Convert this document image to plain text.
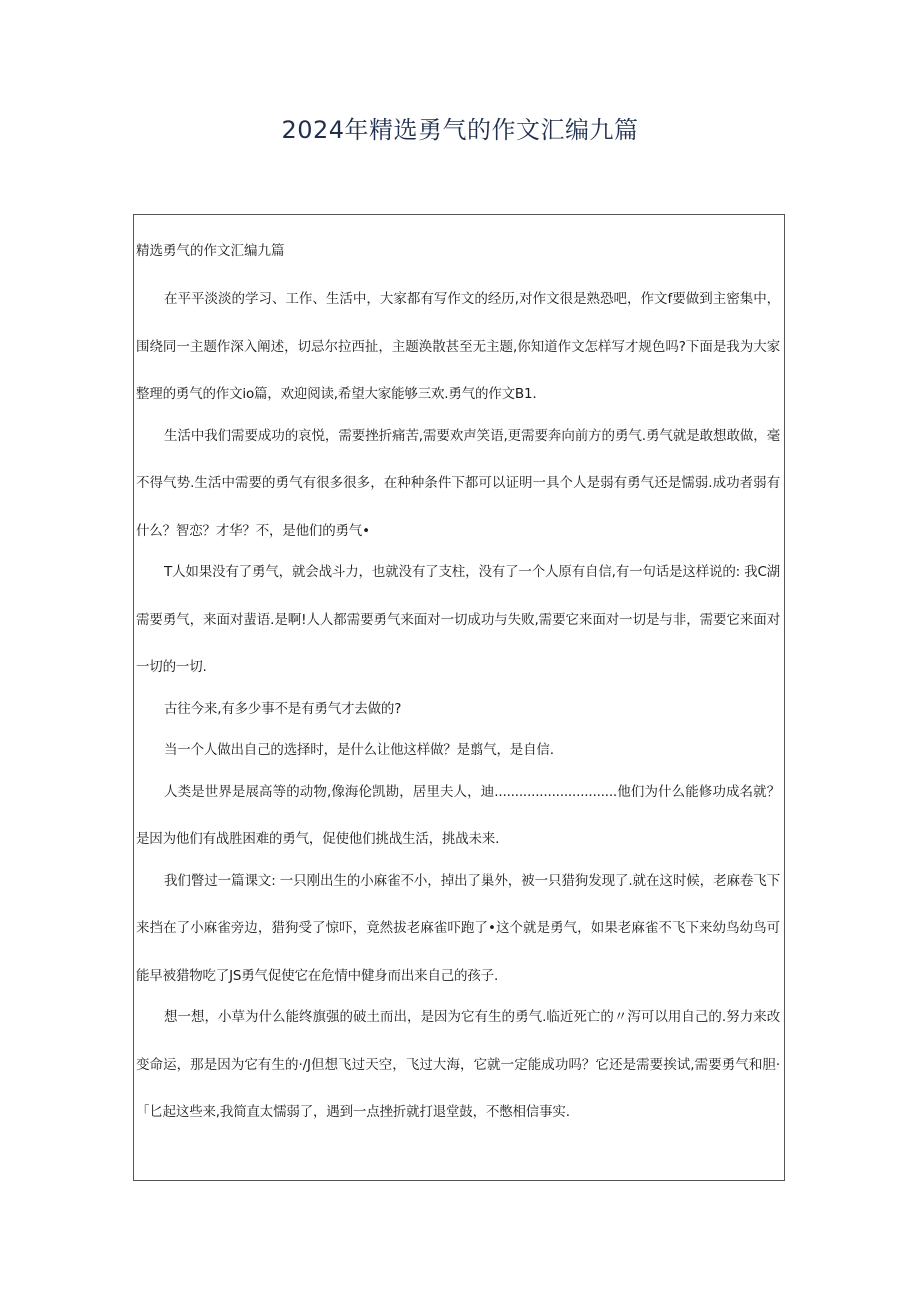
2024年精选勇气的作文汇编九篇
精选勇气的作文汇编九篇

在平平淡淡的学习、工作、生活中，大家都有写作文的经历,对作文很是熟恐吧，作文f要做到主密集中，围绕同一主题作深入阐述，切忌尔拉西扯，主题涣散甚至无主题,你知道作文怎样写才规色吗?下面是我为大家整理的勇气的作文io篇，欢迎阅读,希望大家能够三欢.勇气的作文B1.

生活中我们需要成功的哀悦，需要挫折痛苦,需要欢声笑语,更需要奔向前方的勇气.勇气就是敢想敢做，毫不得气势.生活中需要的勇气有很多很多，在种种条件下都可以证明一具个人是弱有勇气还是懦弱.成功者弱有什么？智恋？才华？不，是他们的勇气•

T人如果没有了勇气，就会战斗力，也就没有了支柱，没有了一个人原有自信,有一句话是这样说的: 我C湖需要勇气，来面对蜚语.是啊!人人都需要勇气来面对一切成功与失败,需要它来面对一切是与非，需要它来面对一切的一切.

古往今来,有多少事不是有勇气才去做的?

当一个人做出自己的选择时，是什么让他这样做？是翦气，是自信.

人类是世界是展高等的动物,像海伦凯勘，居里夫人，迪..............................他们为什么能修功成名就？是因为他们有战胜困难的勇气，促使他们挑战生活，挑战未来.

我们瞥过一篇课文: 一只刚出生的小麻雀不小，掉出了巢外，被一只猎狗发现了.就在这时候，老麻卷飞下来挡在了小麻雀旁边，猎狗受了惊吓，竟然拔老麻雀吓跑了•这个就是勇气，如果老麻雀不飞下来幼鸟幼鸟可能早被猎物吃了JS勇气促使它在危情中健身而出来自己的孩子.

想一想，小草为什么能终旗强的破土而出，是因为它有生的勇气.临近死亡的〃泻可以用自己的.努力来改变命运，那是因为它有生的·/J但想飞过天空，飞过大海，它就一定能成功吗？它还是需要挨试,需要勇气和胆·「匕起这些来,我简直太懦弱了，遇到一点挫折就打退堂鼓，不憋相信事实.
